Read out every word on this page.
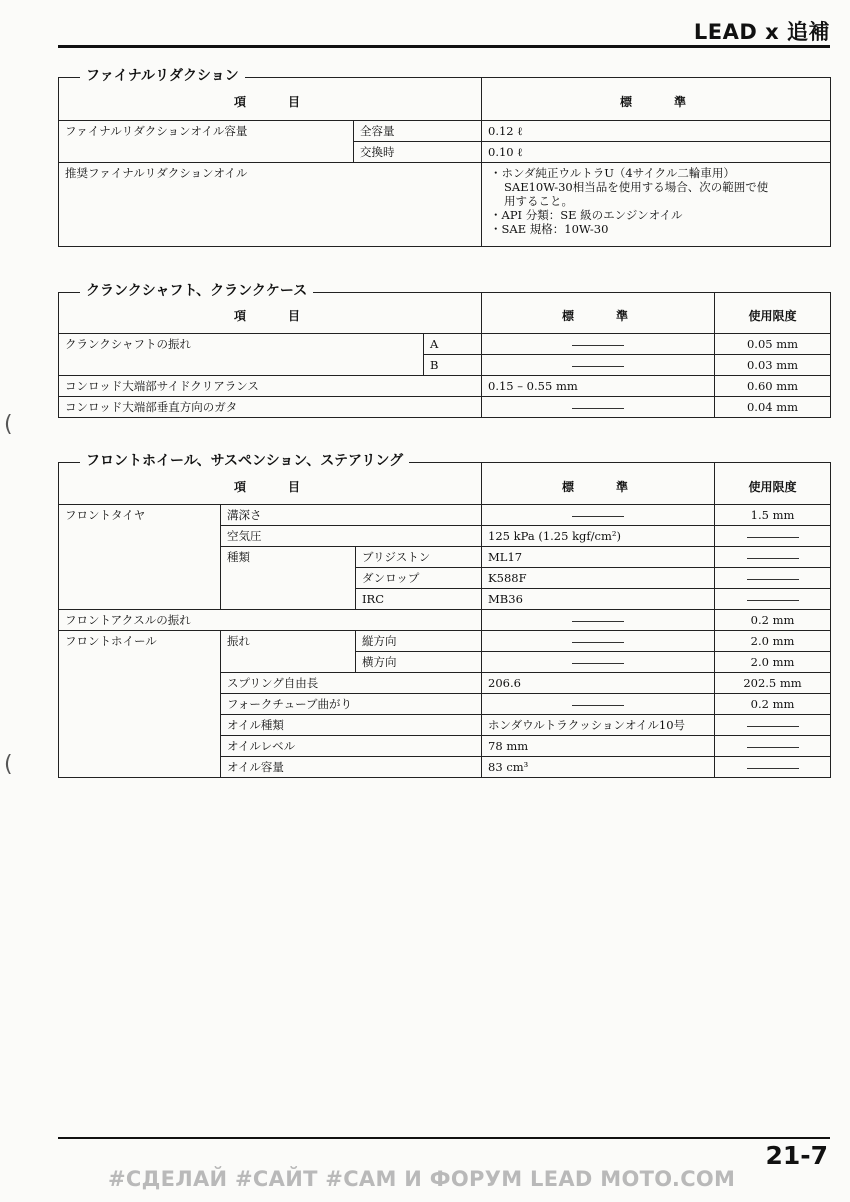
LEAD x 追補
ファイナルリダクション
項　　目		標　　準
ファイナルリダクションオイル容量	全容量	0.12 ℓ
	交換時	0.10 ℓ
推奨ファイナルリダクションオイル		・ホンダ純正ウルトラU（4サイクル二輪車用）
SAE10W-30相当品を使用する場合、次の範囲で使
用すること。
・API 分類：SE 級のエンジンオイル
・SAE 規格：10W-30
クランクシャフト、クランクケース
項　　目		標　　準	使用限度
クランクシャフトの振れ	A		0.05 mm
	B		0.03 mm
コンロッド大端部サイドクリアランス		0.15 – 0.55 mm	0.60 mm
コンロッド大端部垂直方向のガタ			0.04 mm
フロントホイール、サスペンション、ステアリング
項　　目			標　　準	使用限度
フロントタイヤ	溝深さ			1.5 mm
	空気圧		125 kPa (1.25 kgf/cm²)	
	種類	ブリジストン	ML17	
		ダンロップ	K588F	
		IRC	MB36	
フロントアクスルの振れ				0.2 mm
フロントホイール	振れ	縦方向		2.0 mm
		横方向		2.0 mm
	スプリング自由長		206.6	202.5 mm
	フォークチューブ曲がり			0.2 mm
	オイル種類		ホンダウルトラクッションオイル10号	
	オイルレベル		78 mm	
	オイル容量		83 cm³	
(
(
21-7
#СДЕЛАЙ #САЙТ #САМ И ФОРУМ LEAD MOTO.COM
